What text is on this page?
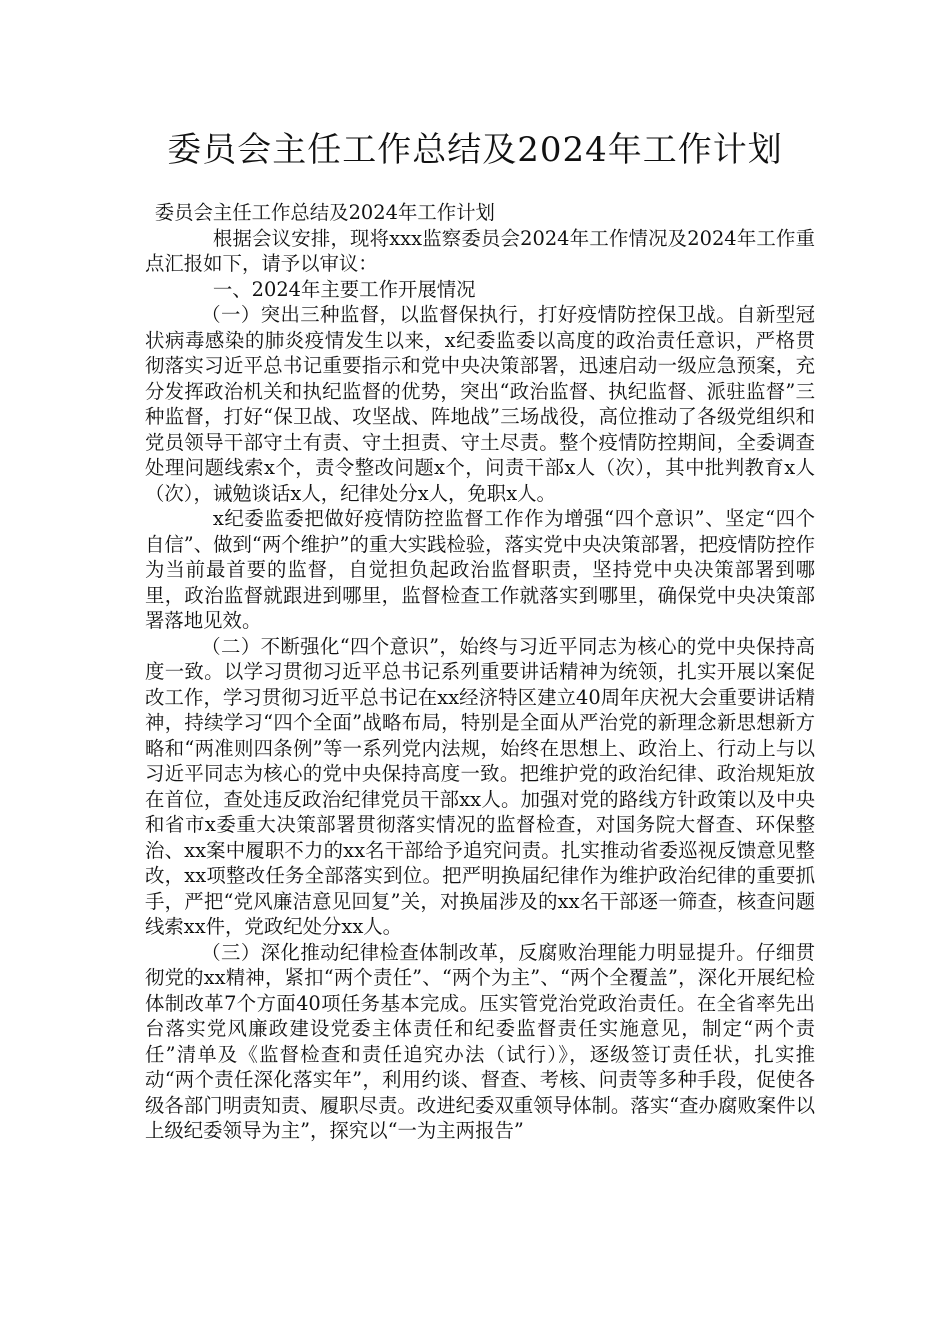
委员会主任工作总结及2024年工作计划

委员会主任工作总结及2024年工作计划

根据会议安排，现将xxx监察委员会2024年工作情况及2024年工作重点汇报如下，请予以审议：

一、2024年主要工作开展情况

（一）突出三种监督，以监督保执行，打好疫情防控保卫战。自新型冠状病毒感染的肺炎疫情发生以来，x纪委监委以高度的政治责任意识，严格贯彻落实习近平总书记重要指示和党中央决策部署，迅速启动一级应急预案，充分发挥政治机关和执纪监督的优势，突出“政治监督、执纪监督、派驻监督”三种监督，打好“保卫战、攻坚战、阵地战”三场战役，高位推动了各级党组织和党员领导干部守土有责、守土担责、守土尽责。整个疫情防控期间，全委调查处理问题线索x个，责令整改问题x个，问责干部x人（次），其中批判教育x人（次），诫勉谈话x人，纪律处分x人，免职x人。

x纪委监委把做好疫情防控监督工作作为增强“四个意识”、坚定“四个自信”、做到“两个维护”的重大实践检验，落实党中央决策部署，把疫情防控作为当前最首要的监督，自觉担负起政治监督职责，坚持党中央决策部署到哪里，政治监督就跟进到哪里，监督检查工作就落实到哪里，确保党中央决策部署落地见效。

（二）不断强化“四个意识”，始终与习近平同志为核心的党中央保持高度一致。以学习贯彻习近平总书记系列重要讲话精神为统领，扎实开展以案促改工作，学习贯彻习近平总书记在xx经济特区建立40周年庆祝大会重要讲话精神，持续学习“四个全面”战略布局，特别是全面从严治党的新理念新思想新方略和“两准则四条例”等一系列党内法规，始终在思想上、政治上、行动上与以习近平同志为核心的党中央保持高度一致。把维护党的政治纪律、政治规矩放在首位，查处违反政治纪律党员干部xx人。加强对党的路线方针政策以及中央和省市x委重大决策部署贯彻落实情况的监督检查，对国务院大督查、环保整治、xx案中履职不力的xx名干部给予追究问责。扎实推动省委巡视反馈意见整改，xx项整改任务全部落实到位。把严明换届纪律作为维护政治纪律的重要抓手，严把“党风廉洁意见回复”关，对换届涉及的xx名干部逐一筛查，核查问题线索xx件，党政纪处分xx人。

（三）深化推动纪律检查体制改革，反腐败治理能力明显提升。仔细贯彻党的xx精神，紧扣“两个责任”、“两个为主”、“两个全覆盖”，深化开展纪检体制改革7个方面40项任务基本完成。压实管党治党政治责任。在全省率先出台落实党风廉政建设党委主体责任和纪委监督责任实施意见，制定“两个责任”清单及《监督检查和责任追究办法（试行）》，逐级签订责任状，扎实推动“两个责任深化落实年”，利用约谈、督查、考核、问责等多种手段，促使各级各部门明责知责、履职尽责。改进纪委双重领导体制。落实“查办腐败案件以上级纪委领导为主”，探究以“一为主两报告”
